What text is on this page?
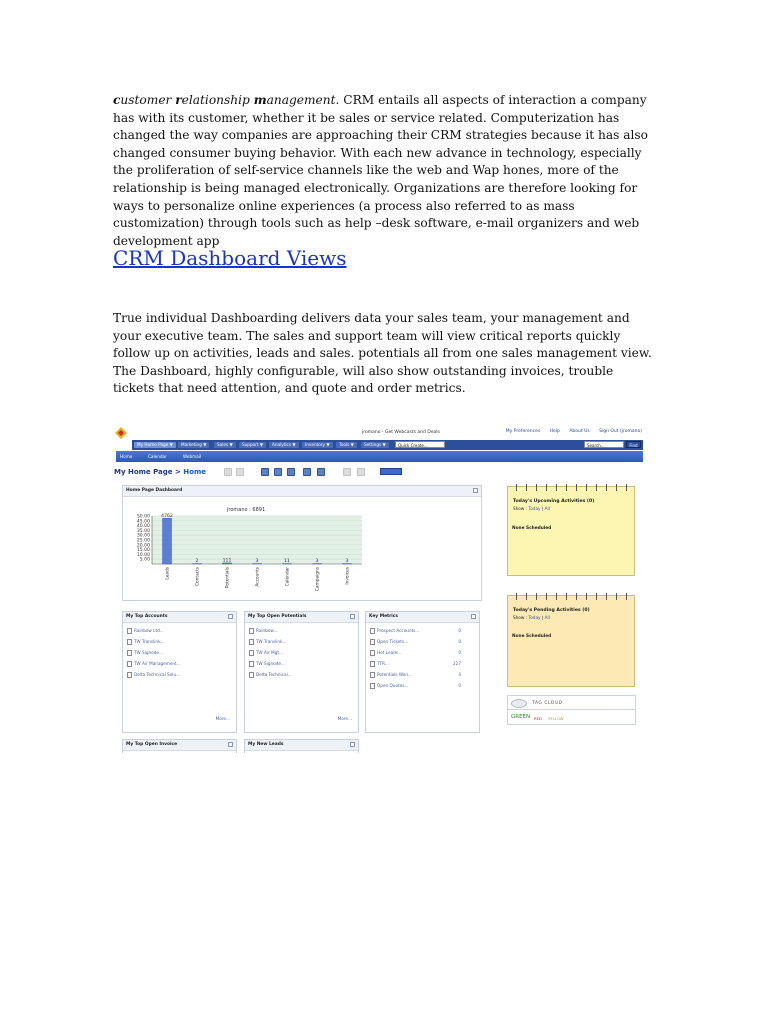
customer relationship management. CRM entails all aspects of interaction a company has with its customer, whether it be sales or service related. Computerization has changed the way companies are approaching their CRM strategies because it has also changed consumer buying behavior. With each new advance in technology, especially the proliferation of self-service channels like the web and Wap hones, more of the relationship is being managed electronically. Organizations are therefore looking for ways to personalize online experiences (a process also referred to as mass customization) through tools such as help –desk software, e-mail organizers and web development app

CRM Dashboard Views

True individual Dashboarding delivers data your sales team, your management and your executive team. The sales and support team will view critical reports quickly follow up on activities, leads and sales. potentials all from one sales management view. The Dashboard, highly configurable, will also show outstanding invoices, trouble tickets that need attention, and quote and order metrics.

jromano - Get Webcasts and Deals	My Preferences Help About Us Sign Out (jromano)
My Home Page ▼	Marketing ▼	Sales ▼	Support ▼	Analytics ▼	Inventory ▼	Tools ▼	Settings ▼	Quick Create...	Search...	Find
Home	Calendar	Webmail
My Home Page > Home
Home Page Dashboard
jromano : 6891
50.00
45.00
40.00
35.00
30.00
25.00
20.00
15.00
10.00
5.00
4762
Leads
2
Contacts
111
Potentials
3
Accounts
11
Calendar
3
Campaigns
3
Invoices
My Top Accounts
Rainbow Ltd...
TW Translink...
TW Signode...
TW Air Management...
Delta Technical Solu...
More...
My Top Open Potentials
Rainbow...
TW Translink...
TW Air Mgt...
TW Signode...
Delta Technical...
More...
Key Metrics
Prospect Accounts...	0
Open Tickets...	0
Hot Leads...	0
TTR...	227
Potentials Won...	4
Open Quotes...	0
My Top Open Invoice	My New Leads
Today's Upcoming Activities (0)
Show : Today | All
None Scheduled
Today's Pending Activities (0)
Show : Today | All
None Scheduled
TAG CLOUD
GREEN RED YELLOW
